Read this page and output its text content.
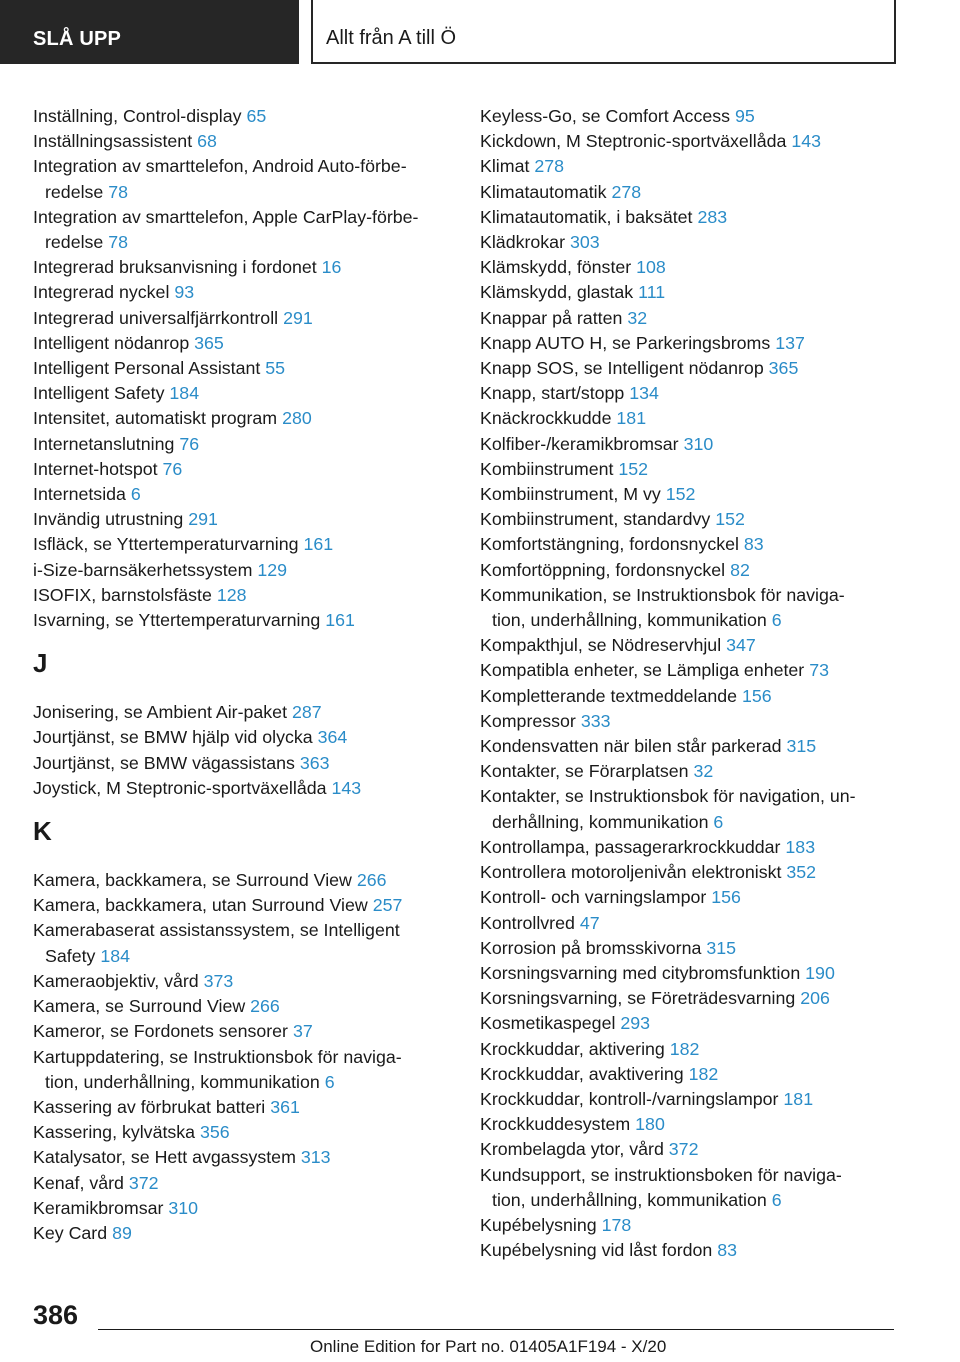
SLÅ UPP	Allt från A till Ö
Inställning, Control-display 65
Inställningsassistent 68
Integration av smarttelefon, Android Auto-förbe-
redelse 78
Integration av smarttelefon, Apple CarPlay-förbe-
redelse 78
Integrerad bruksanvisning i fordonet 16
Integrerad nyckel 93
Integrerad universalfjärrkontroll 291
Intelligent nödanrop 365
Intelligent Personal Assistant 55
Intelligent Safety 184
Intensitet, automatiskt program 280
Internetanslutning 76
Internet-hotspot 76
Internetsida 6
Invändig utrustning 291
Isfläck, se Yttertemperaturvarning 161
i-Size-barnsäkerhetssystem 129
ISOFIX, barnstolsfäste 128
Isvarning, se Yttertemperaturvarning 161
J
Jonisering, se Ambient Air-paket 287
Jourtjänst, se BMW hjälp vid olycka 364
Jourtjänst, se BMW vägassistans 363
Joystick, M Steptronic-sportväxellåda 143
K
Kamera, backkamera, se Surround View 266
Kamera, backkamera, utan Surround View 257
Kamerabaserat assistanssystem, se Intelligent
Safety 184
Kameraobjektiv, vård 373
Kamera, se Surround View 266
Kameror, se Fordonets sensorer 37
Kartuppdatering, se Instruktionsbok för naviga-
tion, underhållning, kommunikation 6
Kassering av förbrukat batteri 361
Kassering, kylvätska 356
Katalysator, se Hett avgassystem 313
Kenaf, vård 372
Keramikbromsar 310
Key Card 89
Keyless-Go, se Comfort Access 95
Kickdown, M Steptronic-sportväxellåda 143
Klimat 278
Klimatautomatik 278
Klimatautomatik, i baksätet 283
Klädkrokar 303
Klämskydd, fönster 108
Klämskydd, glastak 111
Knappar på ratten 32
Knapp AUTO H, se Parkeringsbroms 137
Knapp SOS, se Intelligent nödanrop 365
Knapp, start/stopp 134
Knäckrockkudde 181
Kolfiber-/keramikbromsar 310
Kombiinstrument 152
Kombiinstrument, M vy 152
Kombiinstrument, standardvy 152
Komfortstängning, fordonsnyckel 83
Komfortöppning, fordonsnyckel 82
Kommunikation, se Instruktionsbok för naviga-
tion, underhållning, kommunikation 6
Kompakthjul, se Nödreservhjul 347
Kompatibla enheter, se Lämpliga enheter 73
Kompletterande textmeddelande 156
Kompressor 333
Kondensvatten när bilen står parkerad 315
Kontakter, se Förarplatsen 32
Kontakter, se Instruktionsbok för navigation, un-
derhållning, kommunikation 6
Kontrollampa, passagerarkrockkuddar 183
Kontrollera motoroljenivån elektroniskt 352
Kontroll- och varningslampor 156
Kontrollvred 47
Korrosion på bromsskivorna 315
Korsningsvarning med citybromsfunktion 190
Korsningsvarning, se Företrädesvarning 206
Kosmetikaspegel 293
Krockkuddar, aktivering 182
Krockkuddar, avaktivering 182
Krockkuddar, kontroll-/varningslampor 181
Krockkuddesystem 180
Krombelagda ytor, vård 372
Kundsupport, se instruktionsboken för naviga-
tion, underhållning, kommunikation 6
Kupébelysning 178
Kupébelysning vid låst fordon 83
386
Online Edition for Part no. 01405A1F194 - X/20
